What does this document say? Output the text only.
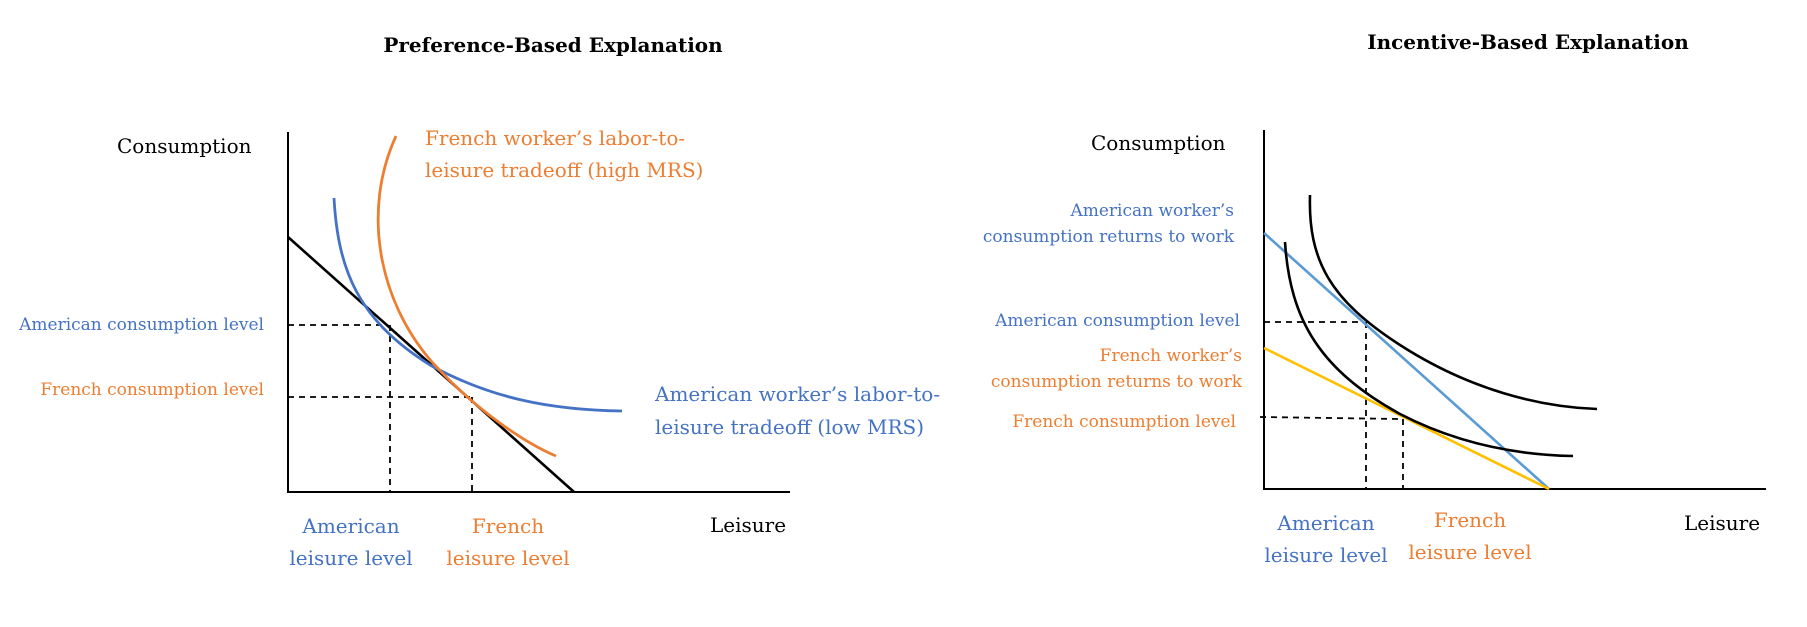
Preference-Based Explanation
Consumption
Leisure
French worker’s labor-to-
leisure tradeoff (high MRS)
American worker’s labor-to-
leisure tradeoff (low MRS)
American consumption level
French consumption level
American
leisure level
French
leisure level
Incentive-Based Explanation
Consumption
Leisure
American worker’s
consumption returns to work
American consumption level
French worker’s
consumption returns to work
French consumption level
American
leisure level
French
leisure level
